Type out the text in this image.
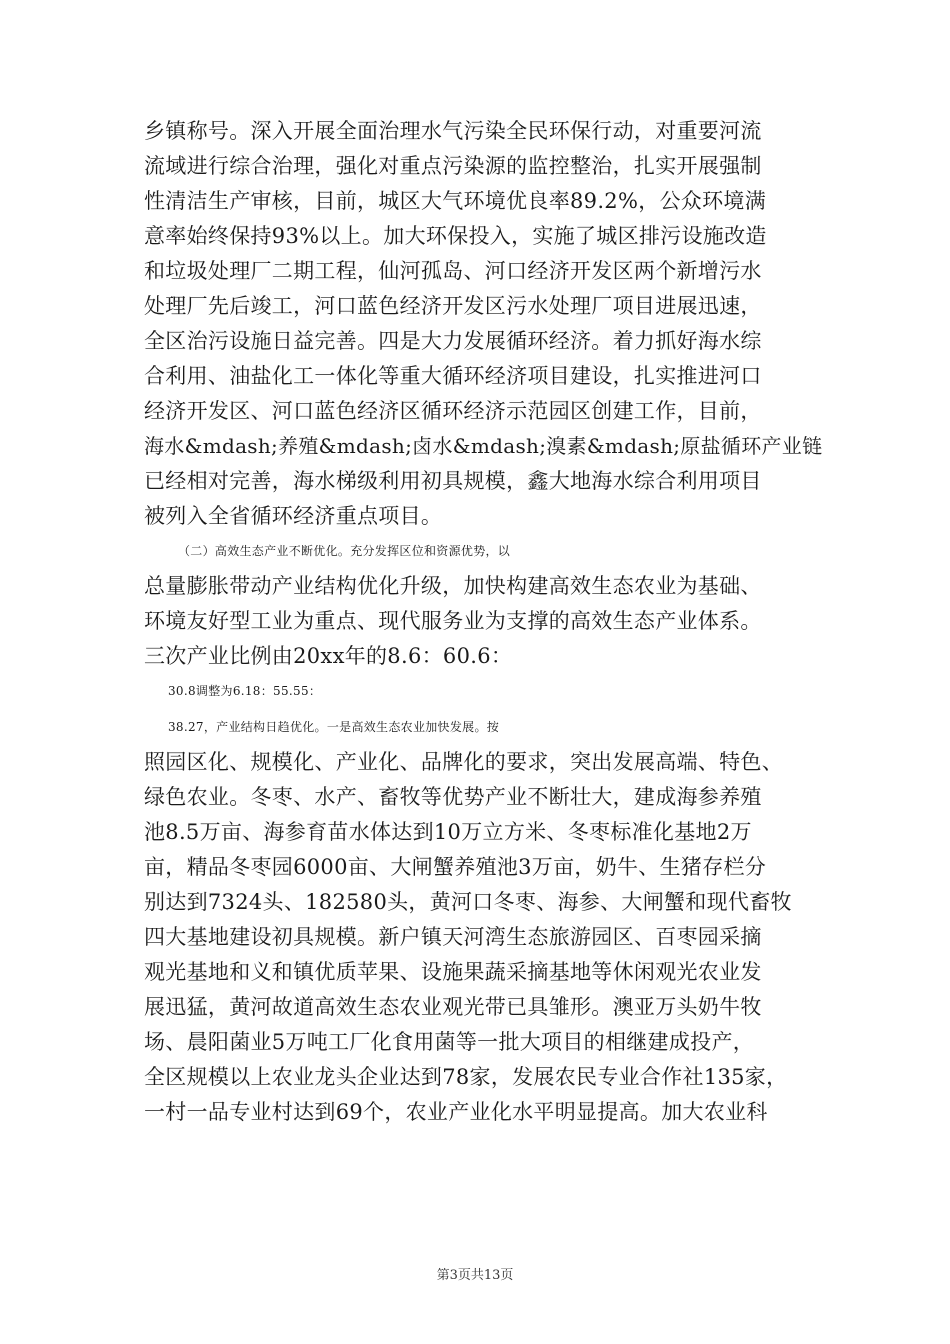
乡镇称号。深入开展全面治理水气污染全民环保行动，对重要河流
流域进行综合治理，强化对重点污染源的监控整治，扎实开展强制
性清洁生产审核，目前，城区大气环境优良率89.2%，公众环境满
意率始终保持93%以上。加大环保投入，实施了城区排污设施改造
和垃圾处理厂二期工程，仙河孤岛、河口经济开发区两个新增污水
处理厂先后竣工，河口蓝色经济开发区污水处理厂项目进展迅速，
全区治污设施日益完善。四是大力发展循环经济。着力抓好海水综
合利用、油盐化工一体化等重大循环经济项目建设，扎实推进河口
经济开发区、河口蓝色经济区循环经济示范园区创建工作，目前，
海水&mdash;养殖&mdash;卤水&mdash;溴素&mdash;原盐循环产业链
已经相对完善，海水梯级利用初具规模，鑫大地海水综合利用项目
被列入全省循环经济重点项目。
（二）高效生态产业不断优化。充分发挥区位和资源优势，以
总量膨胀带动产业结构优化升级，加快构建高效生态农业为基础、
环境友好型工业为重点、现代服务业为支撑的高效生态产业体系。
三次产业比例由20xx年的8.6：60.6：
30.8调整为6.18：55.55：
38.27，产业结构日趋优化。一是高效生态农业加快发展。按
照园区化、规模化、产业化、品牌化的要求，突出发展高端、特色、
绿色农业。冬枣、水产、畜牧等优势产业不断壮大，建成海参养殖
池8.5万亩、海参育苗水体达到10万立方米、冬枣标准化基地2万
亩，精品冬枣园6000亩、大闸蟹养殖池3万亩，奶牛、生猪存栏分
别达到7324头、182580头，黄河口冬枣、海参、大闸蟹和现代畜牧
四大基地建设初具规模。新户镇天河湾生态旅游园区、百枣园采摘
观光基地和义和镇优质苹果、设施果蔬采摘基地等休闲观光农业发
展迅猛，黄河故道高效生态农业观光带已具雏形。澳亚万头奶牛牧
场、晨阳菌业5万吨工厂化食用菌等一批大项目的相继建成投产，
全区规模以上农业龙头企业达到78家，发展农民专业合作社135家，
一村一品专业村达到69个，农业产业化水平明显提高。加大农业科
第3页共13页
